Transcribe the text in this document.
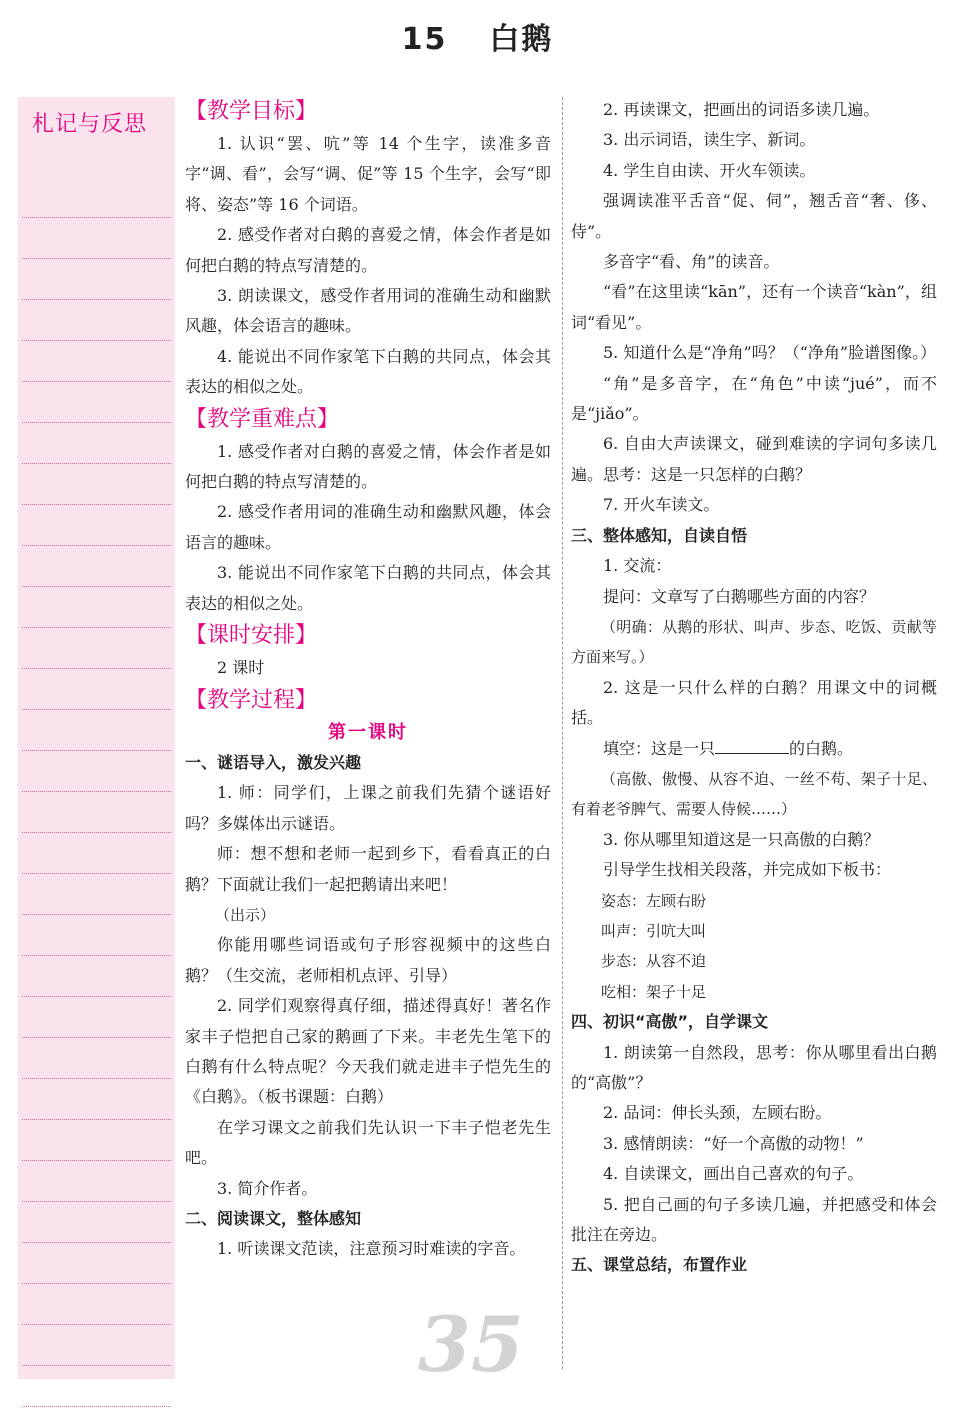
15 白鹅
札记与反思

【教学目标】

1. 认识“罢、吭”等 14 个生字，读准多音字“调、看”，会写“调、促”等 15 个生字，会写“即将、姿态”等 16 个词语。

2. 感受作者对白鹅的喜爱之情，体会作者是如何把白鹅的特点写清楚的。

3. 朗读课文，感受作者用词的准确生动和幽默风趣，体会语言的趣味。

4. 能说出不同作家笔下白鹅的共同点，体会其表达的相似之处。

【教学重难点】

1. 感受作者对白鹅的喜爱之情，体会作者是如何把白鹅的特点写清楚的。

2. 感受作者用词的准确生动和幽默风趣，体会语言的趣味。

3. 能说出不同作家笔下白鹅的共同点，体会其表达的相似之处。

【课时安排】

2 课时

【教学过程】

第一课时

一、谜语导入，激发兴趣

1. 师：同学们，上课之前我们先猜个谜语好吗？多媒体出示谜语。

师：想不想和老师一起到乡下，看看真正的白鹅？下面就让我们一起把鹅请出来吧！

（出示）

你能用哪些词语或句子形容视频中的这些白鹅？（生交流，老师相机点评、引导）

2. 同学们观察得真仔细，描述得真好！著名作家丰子恺把自己家的鹅画了下来。丰老先生笔下的白鹅有什么特点呢？今天我们就走进丰子恺先生的《白鹅》。（板书课题：白鹅）

在学习课文之前我们先认识一下丰子恺老先生吧。

3. 简介作者。

二、阅读课文，整体感知

1. 听读课文范读，注意预习时难读的字音。

2. 再读课文，把画出的词语多读几遍。

3. 出示词语，读生字、新词。

4. 学生自由读、开火车领读。

强调读准平舌音“促、伺”，翘舌音“奢、侈、侍”。

多音字“看、角”的读音。

“看”在这里读“kān”，还有一个读音“kàn”，组词“看见”。

5. 知道什么是“净角”吗？（“净角”脸谱图像。）

“角”是多音字，在“角色”中读“jué”，而不是“jiǎo”。

6. 自由大声读课文，碰到难读的字词句多读几遍。思考：这是一只怎样的白鹅？

7. 开火车读文。

三、整体感知，自读自悟

1. 交流：

提问：文章写了白鹅哪些方面的内容？

（明确：从鹅的形状、叫声、步态、吃饭、贡献等方面来写。）

2. 这是一只什么样的白鹅？用课文中的词概括。

填空：这是一只	的白鹅。

（高傲、傲慢、从容不迫、一丝不苟、架子十足、有着老爷脾气、需要人侍候……）

3. 你从哪里知道这是一只高傲的白鹅？

引导学生找相关段落，并完成如下板书：

姿态：左顾右盼

叫声：引吭大叫

步态：从容不迫

吃相：架子十足

四、初识“高傲”，自学课文

1. 朗读第一自然段，思考：你从哪里看出白鹅的“高傲”？

2. 品词：伸长头颈，左顾右盼。

3. 感情朗读：“好一个高傲的动物！”

4. 自读课文，画出自己喜欢的句子。

5. 把自己画的句子多读几遍，并把感受和体会批注在旁边。

五、课堂总结，布置作业

35
